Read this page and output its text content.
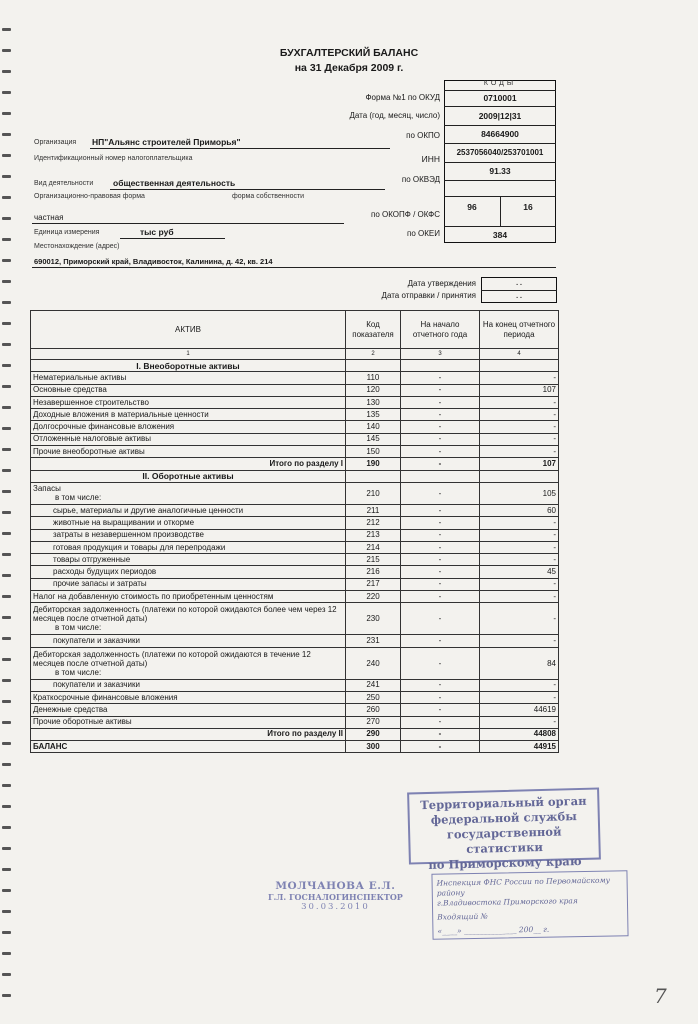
БУХГАЛТЕРСКИЙ БАЛАНС
на 31 Декабря 2009 г.
КОДЫ
Форма №1 по ОКУД	0710001
Дата (год, месяц, число)	2009|12|31
по ОКПО	84664900
ИНН
2537056040/253701001
по ОКВЭД
91.33
по ОКОПФ / ОКФС
96	16
по ОКЕИ	384
Организация НП"Альянс строителей Приморья"
Идентификационный номер налогоплательщика
Вид деятельности общественная деятельность
Организационно-правовая форма	форма собственности
частная
Единица измерения	тыс руб
Местонахождение (адрес)
690012, Приморский край, Владивосток, Калинина, д. 42, кв. 214
Дата утверждения
Дата отправки / принятия
. .
. .
АКТИВ	Код показателя	На начало отчетного года	На конец отчетного периода
1	2	3	4

I. Внеоборотные активы			

Нематериальные активы	110	-	-

Основные средства	120	-	107

Незавершенное строительство	130	-	-

Доходные вложения в материальные ценности	135	-	-

Долгосрочные финансовые вложения	140	-	-

Отложенные налоговые активы	145	-	-

Прочие внеоборотные активы	150	-	-

Итого по разделу I	190	-	107

II. Оборотные активы			

Запасы
в том числе:	210	-	105

сырье, материалы и другие аналогичные ценности	211	-	60

животные на выращивании и откорме	212	-	-

затраты в незавершенном производстве	213	-	-

готовая продукция и товары для перепродажи	214	-	-

товары отгруженные	215	-	-

расходы будущих периодов	216	-	45

прочие запасы и затраты	217	-	-

Налог на добавленную стоимость по приобретенным ценностям	220	-	-

Дебиторская задолженность (платежи по которой ожидаются более чем через 12 месяцев после отчетной даты)
в том числе:	230	-	-

покупатели и заказчики	231	-	-

Дебиторская задолженность (платежи по которой ожидаются в течение 12 месяцев после отчетной даты)
в том числе:	240	-	84

покупатели и заказчики	241	-	-

Краткосрочные финансовые вложения	250	-	-

Денежные средства	260	-	44619

Прочие оборотные активы	270	-	-

Итого по разделу II	290	-	44808

БАЛАНС	300	-	44915
Территориальный орган
федеральной службы
государственной статистики
по Приморскому краю
МОЛЧАНОВА Е.Л.
Г.Л. ГОСНАЛОГИНСПЕКТОР
30.03.2010
Инспекция ФНС России по Первомайскому району
г.Владивостока Приморского края
Входящий №
«____» ______________ 200__ г.
7
